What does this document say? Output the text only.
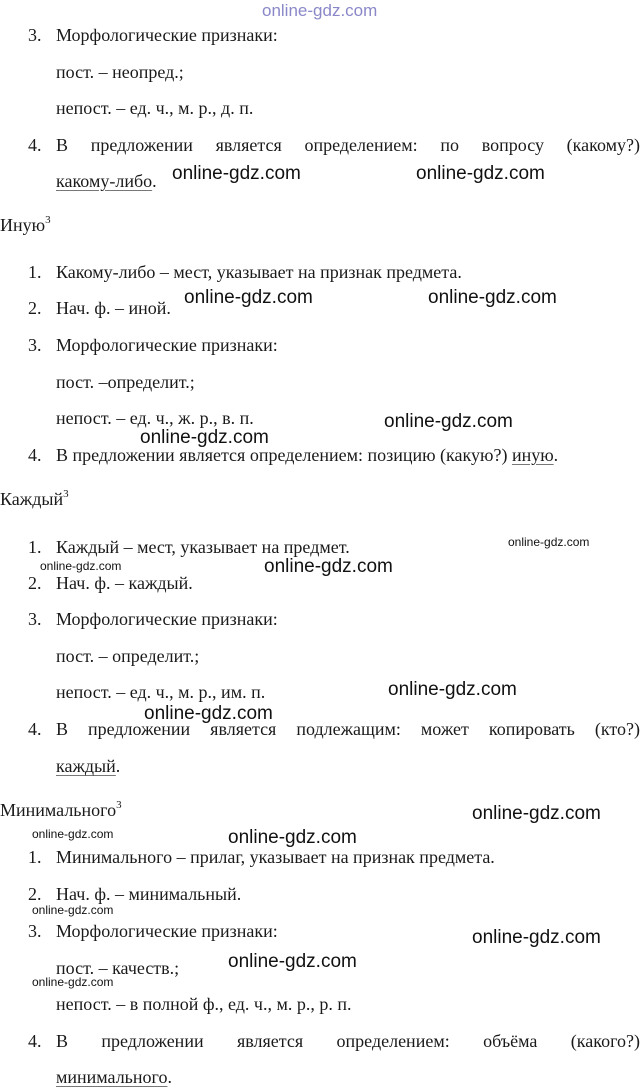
online-gdz.com
3. Морфологические признаки:
пост. – неопред.;
непост. – ед. ч., м. р., д. п.
4. В предложении является определением: по вопросу (какому?)
какому-либо.
Иную$^3$
1. Какому-либо – мест, указывает на признак предмета.
2. Нач. ф. – иной.
3. Морфологические признаки:
пост. –определит.;
непост. – ед. ч., ж. р., в. п.
4. В предложении является определением: позицию (какую?) иную.
Каждый$^3$
1. Каждый – мест, указывает на предмет.
2. Нач. ф. – каждый.
3. Морфологические признаки:
пост. – определит.;
непост. – ед. ч., м. р., им. п.
4. В предложении является подлежащим: может копировать (кто?)
каждый.
Минимального$^3$
1. Минимального – прилаг, указывает на признак предмета.
2. Нач. ф. – минимальный.
3. Морфологические признаки:
пост. – качеств.;
непост. – в полной ф., ед. ч., м. р., р. п.
4. В предложении является определением: объёма (какого?)
минимального.
online-gdz.com	online-gdz.com
online-gdz.com	online-gdz.com
online-gdz.com
online-gdz.com
online-gdz.com
online-gdz.com	online-gdz.com
online-gdz.com
online-gdz.com
online-gdz.com
online-gdz.com	online-gdz.com
online-gdz.com
online-gdz.com
online-gdz.com
online-gdz.com
